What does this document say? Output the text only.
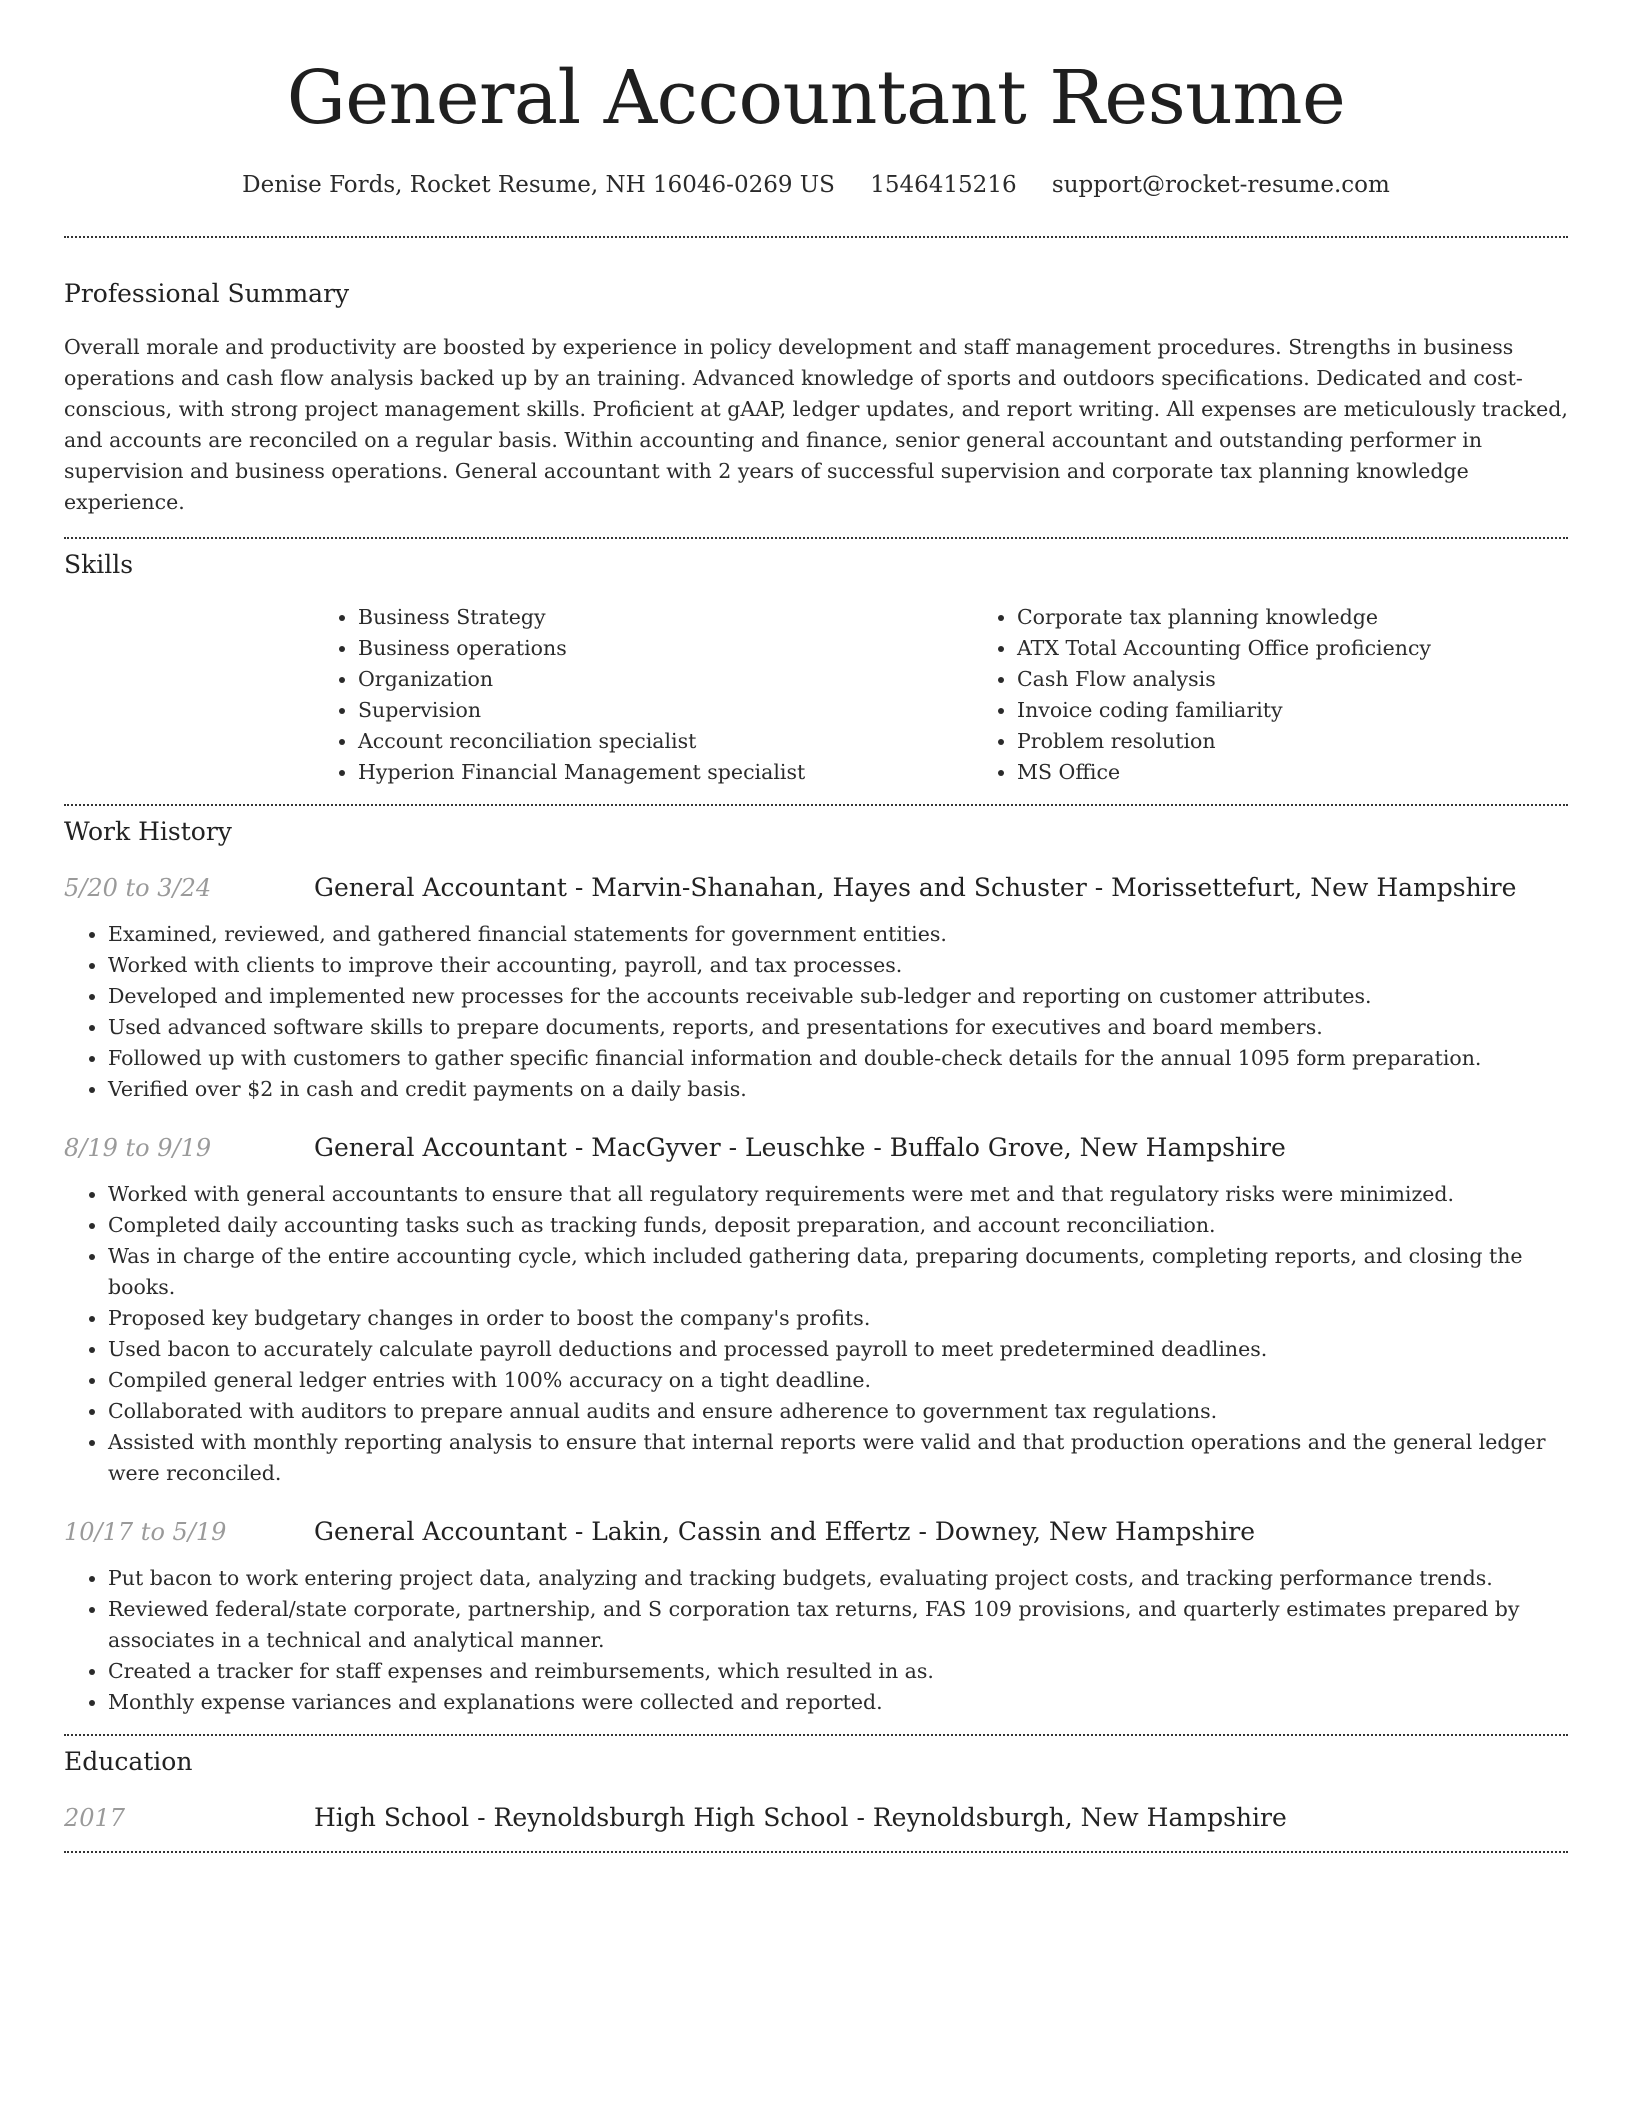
General Accountant Resume
Denise Fords, Rocket Resume, NH 16046-0269 US 1546415216 support@rocket-resume.com
Professional Summary

Overall morale and productivity are boosted by experience in policy development and staff management procedures. Strengths in business operations and cash flow analysis backed up by an training. Advanced knowledge of sports and outdoors specifications. Dedicated and cost-conscious, with strong project management skills. Proficient at gAAP, ledger updates, and report writing. All expenses are meticulously tracked, and accounts are reconciled on a regular basis. Within accounting and finance, senior general accountant and outstanding performer in supervision and business operations. General accountant with 2 years of successful supervision and corporate tax planning knowledge experience.

Skills
• Business Strategy
• Business operations
• Organization
• Supervision
• Account reconciliation specialist
• Hyperion Financial Management specialist
• Corporate tax planning knowledge
• ATX Total Accounting Office proficiency
• Cash Flow analysis
• Invoice coding familiarity
• Problem resolution
• MS Office
Work History
5/20 to 3/24	General Accountant - Marvin-Shanahan, Hayes and Schuster - Morissettefurt, New Hampshire
• Examined, reviewed, and gathered financial statements for government entities.
• Worked with clients to improve their accounting, payroll, and tax processes.
• Developed and implemented new processes for the accounts receivable sub-ledger and reporting on customer attributes.
• Used advanced software skills to prepare documents, reports, and presentations for executives and board members.
• Followed up with customers to gather specific financial information and double-check details for the annual 1095 form preparation.
• Verified over $2 in cash and credit payments on a daily basis.
8/19 to 9/19	General Accountant - MacGyver - Leuschke - Buffalo Grove, New Hampshire
• Worked with general accountants to ensure that all regulatory requirements were met and that regulatory risks were minimized.
• Completed daily accounting tasks such as tracking funds, deposit preparation, and account reconciliation.
• Was in charge of the entire accounting cycle, which included gathering data, preparing documents, completing reports, and closing the books.
• Proposed key budgetary changes in order to boost the company's profits.
• Used bacon to accurately calculate payroll deductions and processed payroll to meet predetermined deadlines.
• Compiled general ledger entries with 100% accuracy on a tight deadline.
• Collaborated with auditors to prepare annual audits and ensure adherence to government tax regulations.
• Assisted with monthly reporting analysis to ensure that internal reports were valid and that production operations and the general ledger were reconciled.
10/17 to 5/19	General Accountant - Lakin, Cassin and Effertz - Downey, New Hampshire
• Put bacon to work entering project data, analyzing and tracking budgets, evaluating project costs, and tracking performance trends.
• Reviewed federal/state corporate, partnership, and S corporation tax returns, FAS 109 provisions, and quarterly estimates prepared by associates in a technical and analytical manner.
• Created a tracker for staff expenses and reimbursements, which resulted in as.
• Monthly expense variances and explanations were collected and reported.
Education
2017	High School - Reynoldsburgh High School - Reynoldsburgh, New Hampshire
